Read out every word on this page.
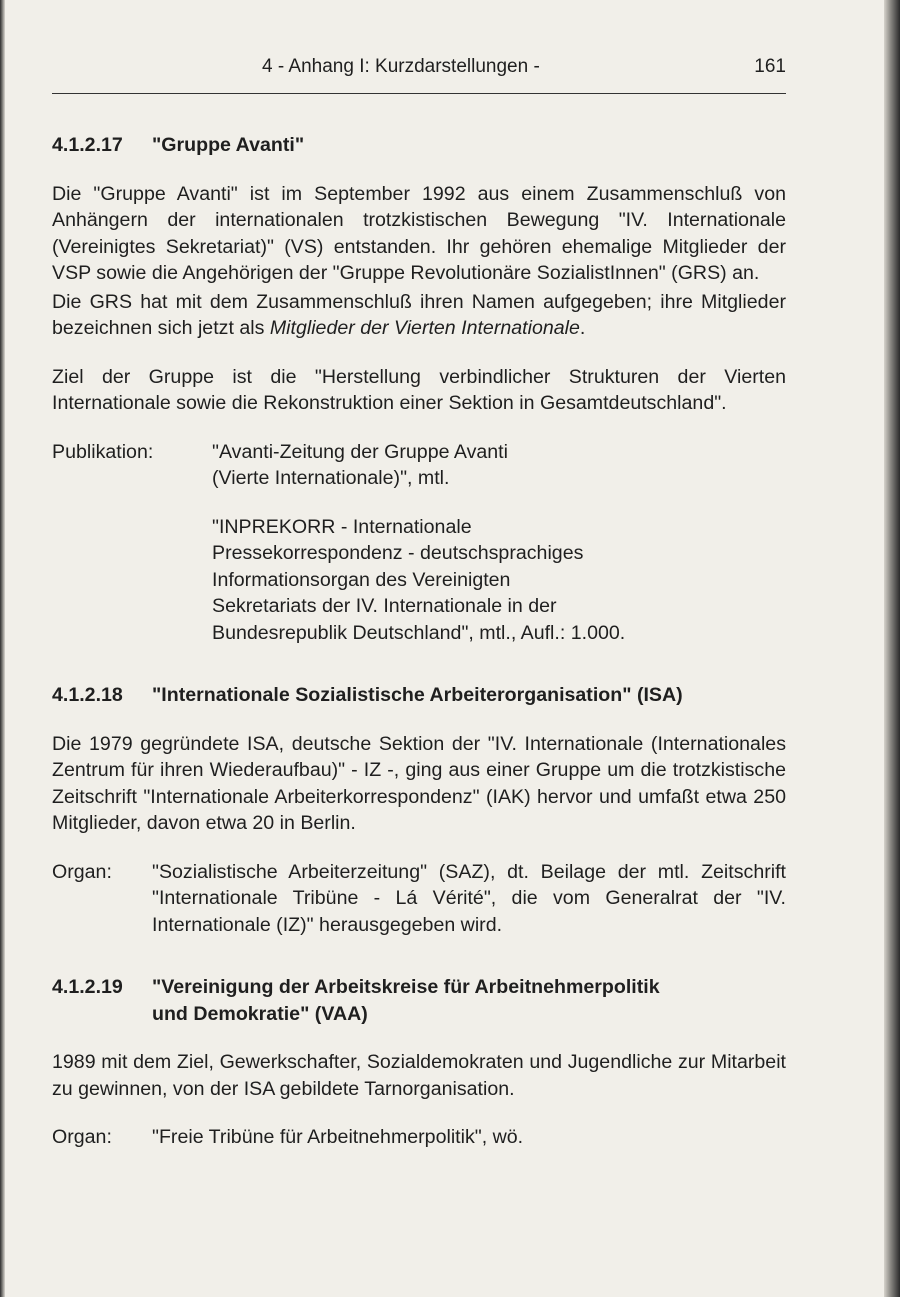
4 - Anhang I: Kurzdarstellungen -	161
4.1.2.17	"Gruppe Avanti"

Die "Gruppe Avanti" ist im September 1992 aus einem Zusammenschluß von Anhängern der internationalen trotzkistischen Bewegung "IV. Internationale (Vereinigtes Sekretariat)" (VS) entstanden. Ihr gehören ehemalige Mitglieder der VSP sowie die Angehörigen der "Gruppe Revolutionäre SozialistInnen" (GRS) an.

Die GRS hat mit dem Zusammenschluß ihren Namen aufgegeben; ihre Mitglieder bezeichnen sich jetzt als Mitglieder der Vierten Internationale.

Ziel der Gruppe ist die "Herstellung verbindlicher Strukturen der Vierten Internationale sowie die Rekonstruktion einer Sektion in Gesamtdeutschland".

Publikation:	"Avanti-Zeitung der Gruppe Avanti
(Vierte Internationale)", mtl.
"INPREKORR - Internationale
Pressekorrespondenz - deutschsprachiges
Informationsorgan des Vereinigten
Sekretariats der IV. Internationale in der
Bundesrepublik Deutschland", mtl., Aufl.: 1.000.
4.1.2.18	"Internationale Sozialistische Arbeiterorganisation" (ISA)

Die 1979 gegründete ISA, deutsche Sektion der "IV. Internationale (Internationales Zentrum für ihren Wiederaufbau)" - IZ -, ging aus einer Gruppe um die trotzkistische Zeitschrift "Internationale Arbeiterkorrespondenz" (IAK) hervor und umfaßt etwa 250 Mitglieder, davon etwa 20 in Berlin.

Organ:	"Sozialistische Arbeiterzeitung" (SAZ), dt. Beilage der mtl. Zeitschrift "Internationale Tribüne - Lá Vérité", die vom Generalrat der "IV. Internationale (IZ)" herausgegeben wird.
4.1.2.19	"Vereinigung der Arbeitskreise für Arbeitnehmerpolitik
und Demokratie" (VAA)

1989 mit dem Ziel, Gewerkschafter, Sozialdemokraten und Jugendliche zur Mitarbeit zu gewinnen, von der ISA gebildete Tarnorganisation.

Organ:	"Freie Tribüne für Arbeitnehmerpolitik", wö.
